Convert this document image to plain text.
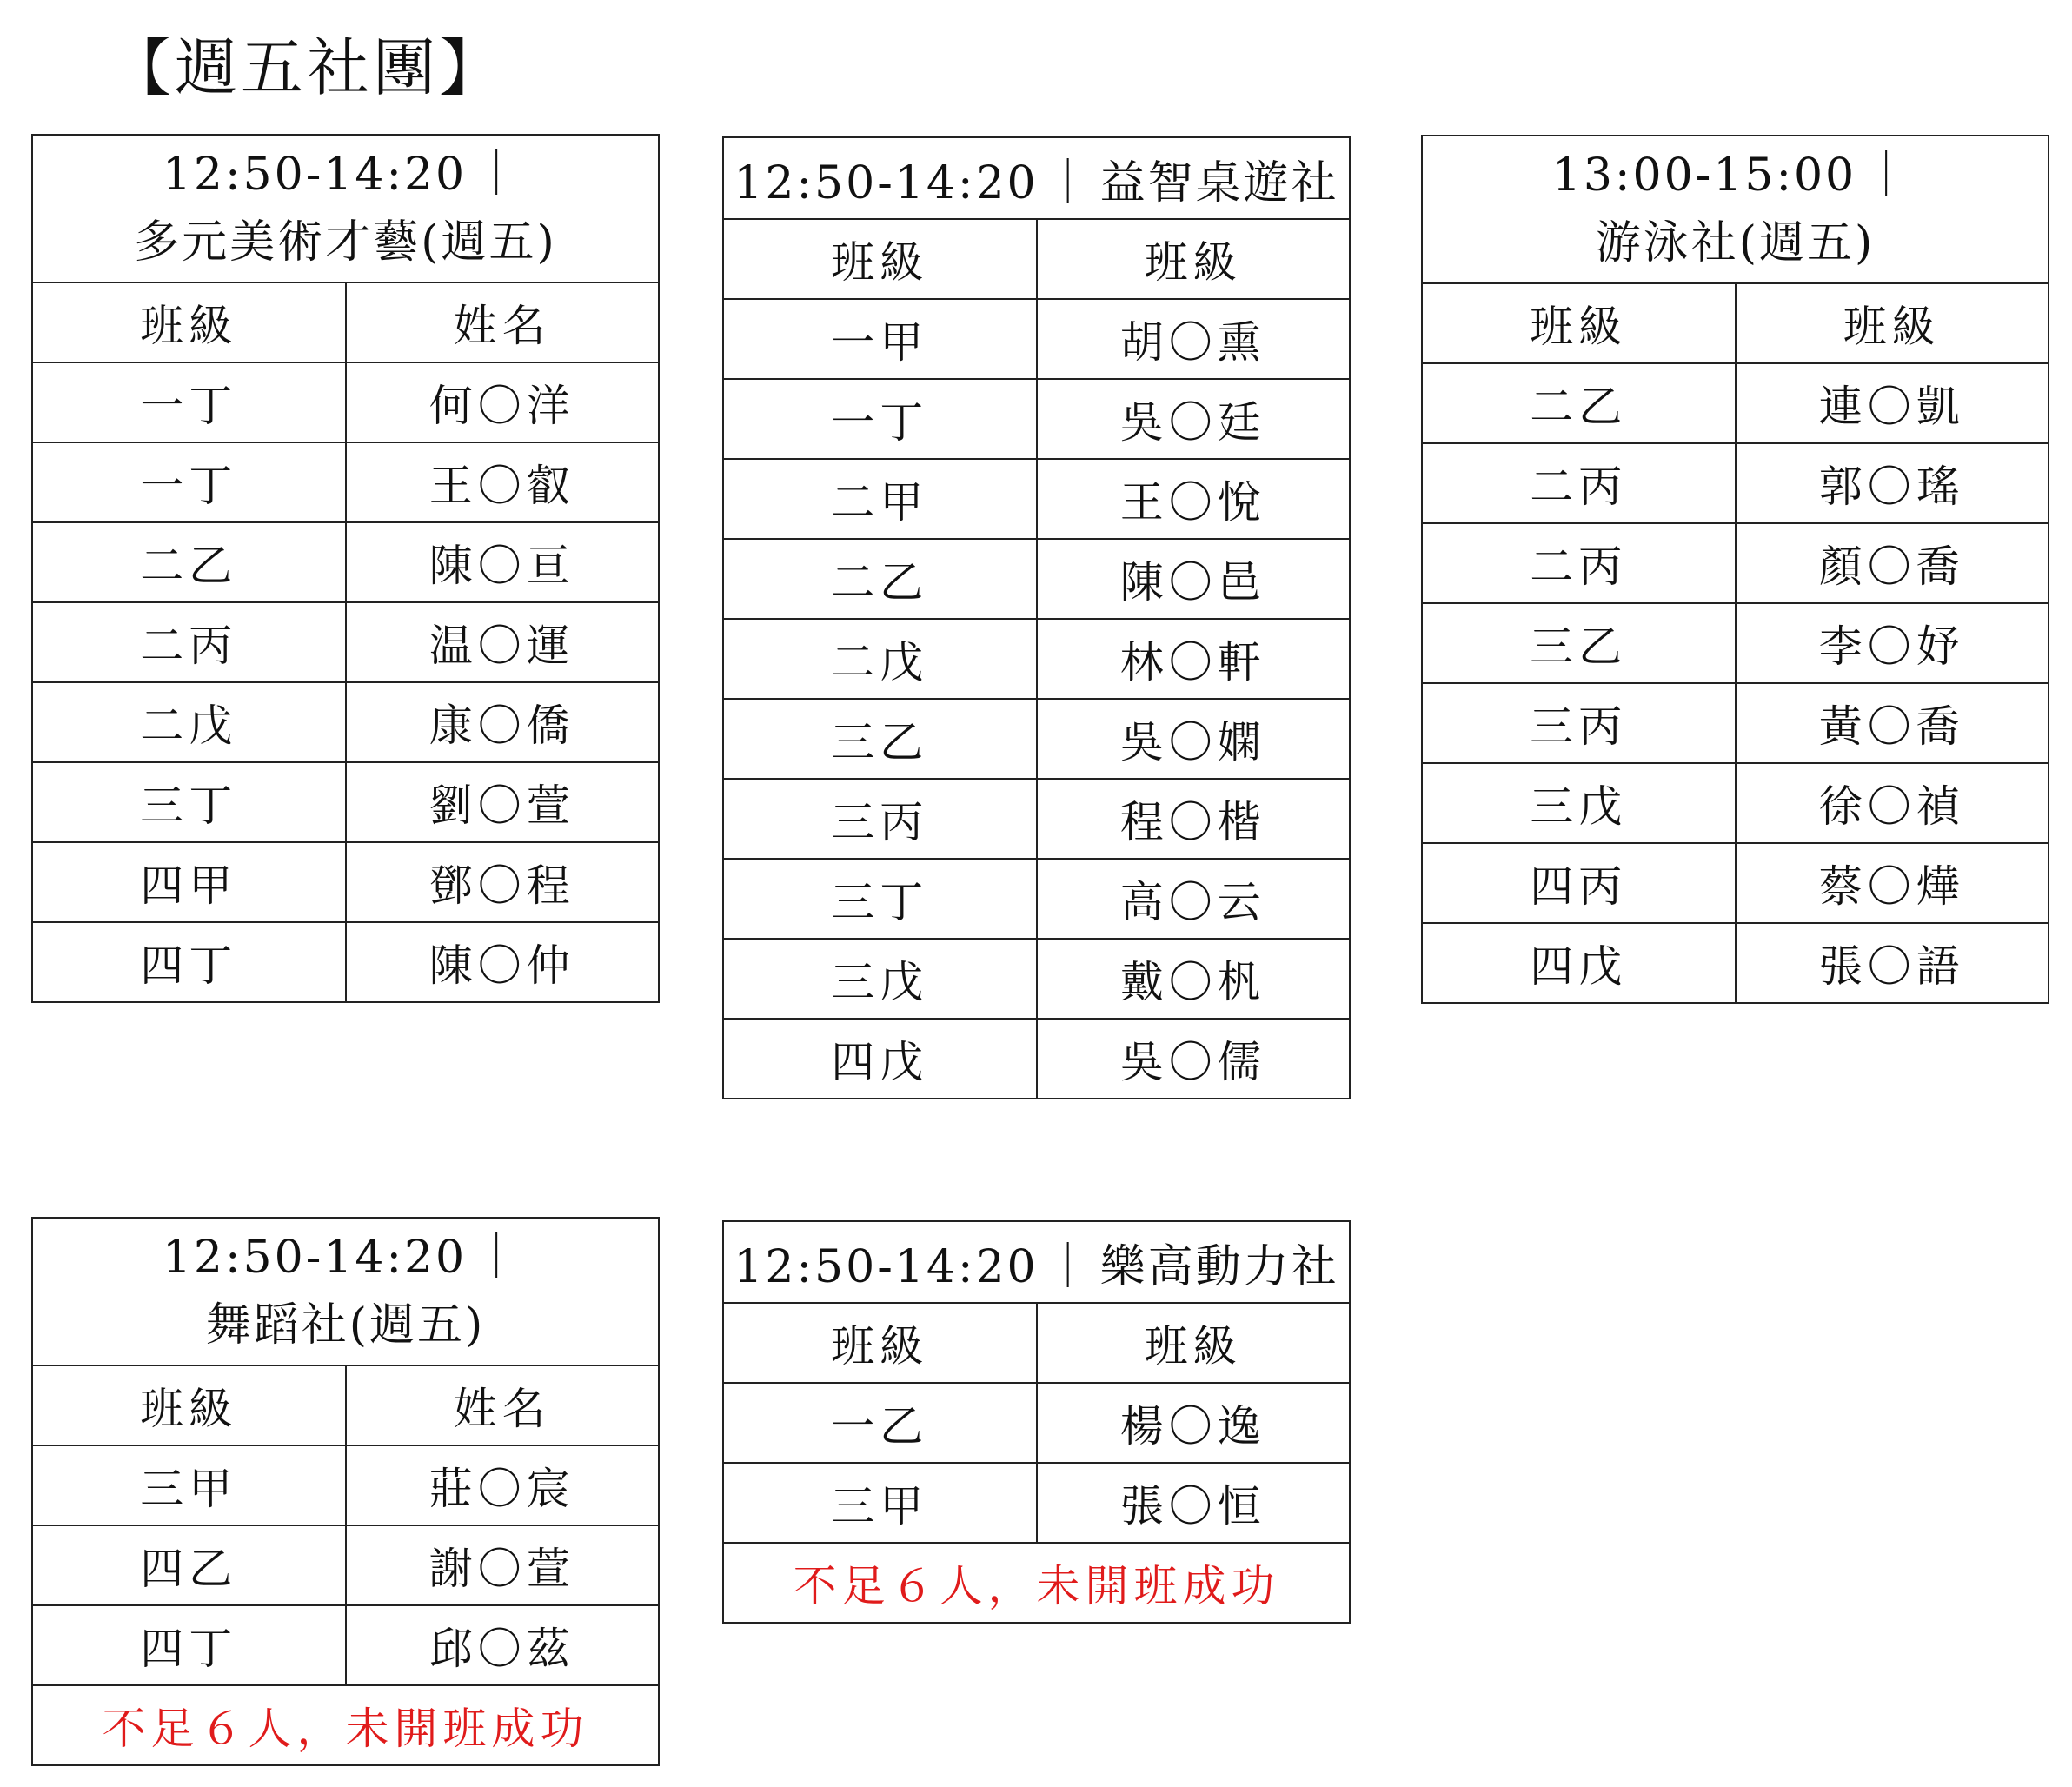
【週五社團】
12:50-14:20 ｜
多元美術才藝(週五)	

班級	姓名
一丁	何〇洋
一丁	王〇叡
二乙	陳〇亘
二丙	温〇運
二戊	康〇僑
三丁	劉〇萱
四甲	鄧〇程
四丁	陳〇仲
12:50-14:20 ｜ 益智桌遊社	
班級	班級
一甲	胡〇熏
一丁	吳〇廷
二甲	王〇悅
二乙	陳〇邑
二戊	林〇軒
三乙	吳〇嫻
三丙	程〇楷
三丁	高〇云
三戊	戴〇杋
四戊	吳〇儒
13:00-15:00 ｜
游泳社(週五)	

班級	班級
二乙	連〇凱
二丙	郭〇瑤
二丙	顏〇喬
三乙	李〇妤
三丙	黃〇喬
三戊	徐〇禎
四丙	蔡〇燁
四戊	張〇語
12:50-14:20 ｜
舞蹈社(週五)	

班級	姓名
三甲	莊〇宸
四乙	謝〇萱
四丁	邱〇茲
不足６人，未開班成功	
12:50-14:20 ｜ 樂高動力社	
班級	班級
一乙	楊〇逸
三甲	張〇恒
不足６人，未開班成功	
